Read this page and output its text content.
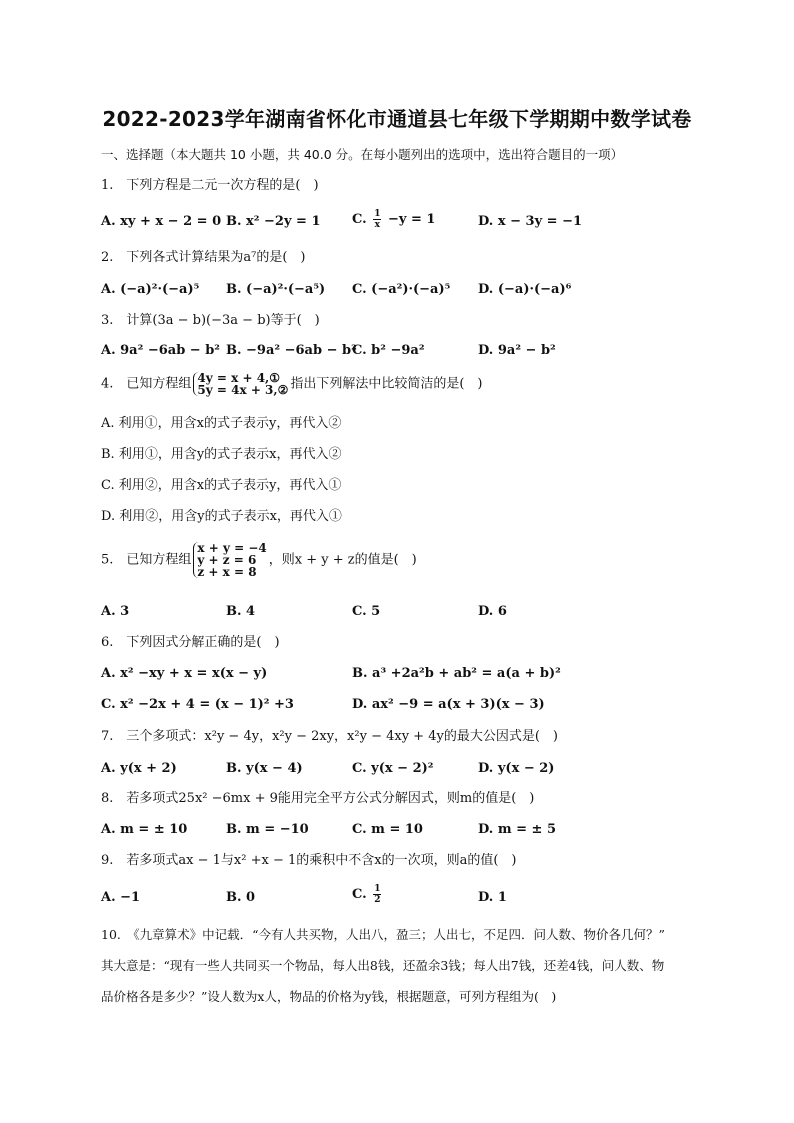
2022-2023学年湖南省怀化市通道县七年级下学期期中数学试卷
一、选择题（本大题共 10 小题，共 40.0 分。在每小题列出的选项中，选出符合题目的一项）
1.　下列方程是二元一次方程的是(　)
A. xy + x − 2 = 0 B. x² −2y = 1 C. $\frac{1}{x} -y = 1$	D. x − 3y = −1
2.　下列各式计算结果为a⁷的是(　)
A. (−a)²·(−a)⁵ B. (−a)²·(−a⁵) C. (−a²)·(−a)⁵ D. (−a)·(−a)⁶
3.　计算(3a − b)(−3a − b)等于(　)
A. 9a² −6ab − b² B. −9a² −6ab − b²
C. b² −9a²	D. 9a² − b²
4.　已知方程组 4y = x + 4,①
5y = 4x + 3,② 指出下列解法中比较简洁的是(　)
A. 利用①，用含x的式子表示y，再代入②
B. 利用①，用含y的式子表示x，再代入②
C. 利用②，用含x的式子表示y，再代入①
D. 利用②，用含y的式子表示x，再代入①
5.　已知方程组
x + y = −4
y + z = 6
z + x = 8
，则x + y + z的值是(　)
A. 3	B. 4	C. 5	D. 6
6.　下列因式分解正确的是(　)
A. x² −xy + x = x(x − y)	B. a³ +2a²b + ab² = a(a + b)²
C. x² −2x + 4 = (x − 1)² +3	D. ax² −9 = a(x + 3)(x − 3)
7.　三个多项式：x²y − 4y，x²y − 2xy，x²y − 4xy + 4y的最大公因式是(　)
A. y(x + 2)	B. y(x − 4)	C. y(x − 2)²	D. y(x − 2)
8.　若多项式25x² −6mx + 9能用完全平方公式分解因式，则m的值是(　)
A. m = ± 10	B. m = −10	C. m = 10	D. m = ± 5
9.　若多项式ax − 1与x² +x − 1的乘积中不含x的一次项，则a的值(　)
A. −1	B. 0	C. $\frac{1}{2}$	D. 1
10.　《九章算术》中记载．“今有人共买物，人出八，盈三；人出七，不足四．问人数、物价各几何？”
其大意是：“现有一些人共同买一个物品，每人出8钱，还盈余3钱；每人出7钱，还差4钱，问人数、物
品价格各是多少？”设人数为x人，物品的价格为y钱，根据题意，可列方程组为(　)
